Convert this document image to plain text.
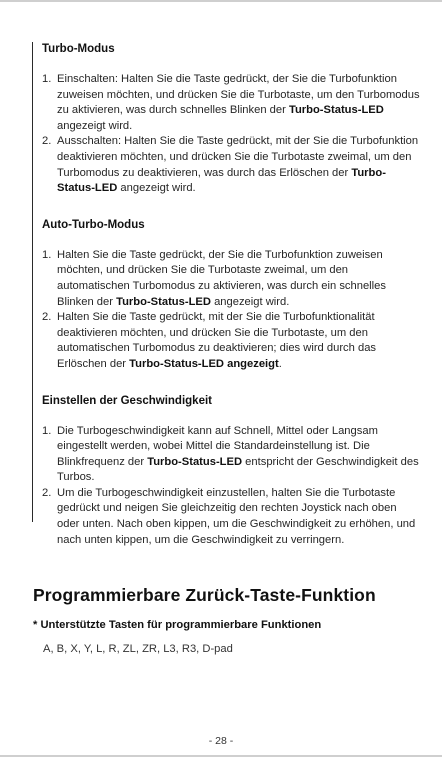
Turbo-Modus

1. Einschalten: Halten Sie die Taste gedrückt, der Sie die Turbofunktion zuweisen möchten, und drücken Sie die Turbotaste, um den Turbomodus zu aktivieren, was durch schnelles Blinken der Turbo-Status-LED angezeigt wird.
2. Ausschalten: Halten Sie die Taste gedrückt, mit der Sie die Turbofunktion deaktivieren möchten, und drücken Sie die Turbotaste zweimal, um den Turbomodus zu deaktivieren, was durch das Erlöschen der Turbo-Status-LED angezeigt wird.

Auto-Turbo-Modus

1. Halten Sie die Taste gedrückt, der Sie die Turbofunktion zuweisen möchten, und drücken Sie die Turbotaste zweimal, um den automatischen Turbomodus zu aktivieren, was durch ein schnelles Blinken der Turbo-Status-LED angezeigt wird.
2. Halten Sie die Taste gedrückt, mit der Sie die Turbofunktionalität deaktivieren möchten, und drücken Sie die Turbotaste, um den automatischen Turbomodus zu deaktivieren; dies wird durch das Erlöschen der Turbo-Status-LED angezeigt.

Einstellen der Geschwindigkeit

1. Die Turbogeschwindigkeit kann auf Schnell, Mittel oder Langsam eingestellt werden, wobei Mittel die Standardeinstellung ist. Die Blinkfrequenz der Turbo-Status-LED entspricht der Geschwindigkeit des Turbos.
2. Um die Turbogeschwindigkeit einzustellen, halten Sie die Turbotaste gedrückt und neigen Sie gleichzeitig den rechten Joystick nach oben oder unten. Nach oben kippen, um die Geschwindigkeit zu erhöhen, und nach unten kippen, um die Geschwindigkeit zu verringern.
Programmierbare Zurück-Taste-Funktion

* Unterstützte Tasten für programmierbare Funktionen

A, B, X, Y, L, R, ZL, ZR, L3, R3, D-pad

- 28 -
